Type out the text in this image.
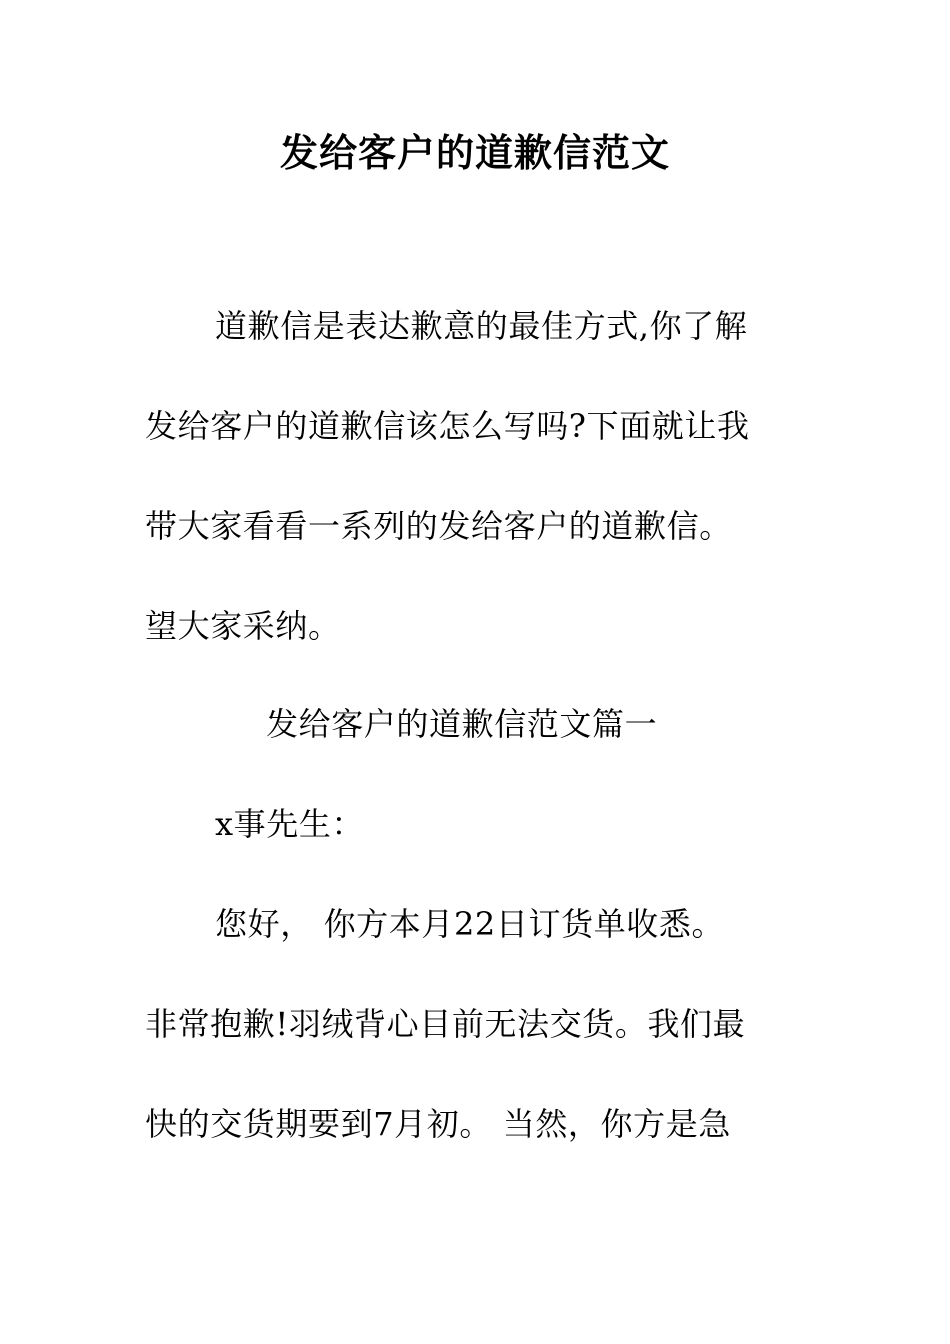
发给客户的道歉信范文
道歉信是表达歉意的最佳方式,你了解
发给客户的道歉信该怎么写吗?下面就让我
带大家看看一系列的发给客户的道歉信。
望大家采纳。
发给客户的道歉信范文篇一
x事先生：
您好， 你方本月22日订货单收悉。
非常抱歉!羽绒背心目前无法交货。我们最
快的交货期要到7月初。 当然，你方是急
